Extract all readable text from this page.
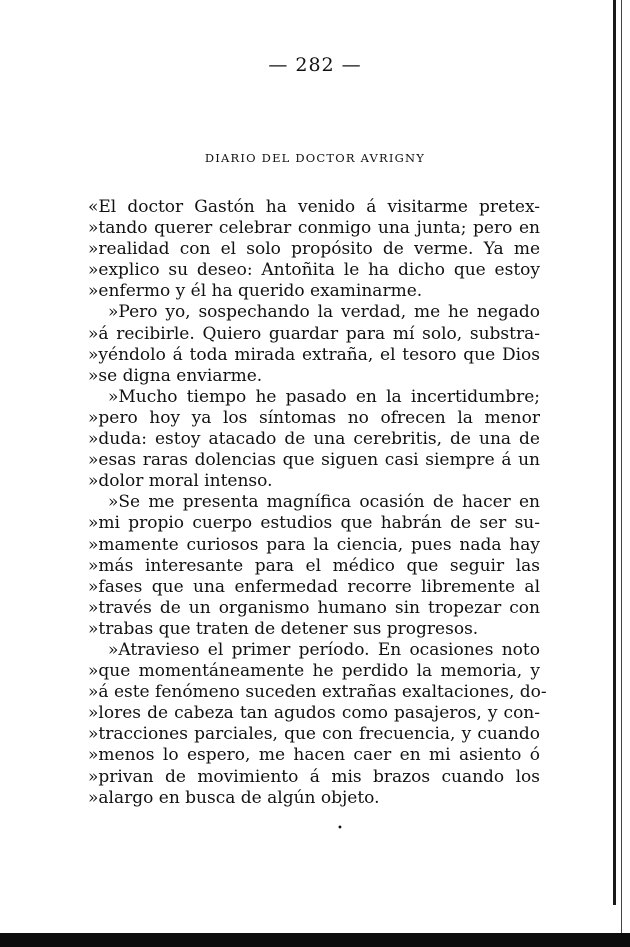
— 282 —
DIARIO DEL DOCTOR AVRIGNY
«El doctor Gastón ha venido á visitarme pretex-
»tando querer celebrar conmigo una junta; pero en
»realidad con el solo propósito de verme. Ya me
»explico su deseo: Antoñita le ha dicho que estoy
»enfermo y él ha querido examinarme.
»Pero yo, sospechando la verdad, me he negado
»á recibirle. Quiero guardar para mí solo, substra-
»yéndolo á toda mirada extraña, el tesoro que Dios
»se digna enviarme.
»Mucho tiempo he pasado en la incertidumbre;
»pero hoy ya los síntomas no ofrecen la menor
»duda: estoy atacado de una cerebritis, de una de
»esas raras dolencias que siguen casi siempre á un
»dolor moral intenso.
»Se me presenta magnífica ocasión de hacer en
»mi propio cuerpo estudios que habrán de ser su-
»mamente curiosos para la ciencia, pues nada hay
»más interesante para el médico que seguir las
»fases que una enfermedad recorre libremente al
»través de un organismo humano sin tropezar con
»trabas que traten de detener sus progresos.
»Atravieso el primer período. En ocasiones noto
»que momentáneamente he perdido la memoria, y
»á este fenómeno suceden extrañas exaltaciones, do-
»lores de cabeza tan agudos como pasajeros, y con-
»tracciones parciales, que con frecuencia, y cuando
»menos lo espero, me hacen caer en mi asiento ó
»privan de movimiento á mis brazos cuando los
»alargo en busca de algún objeto.
•
